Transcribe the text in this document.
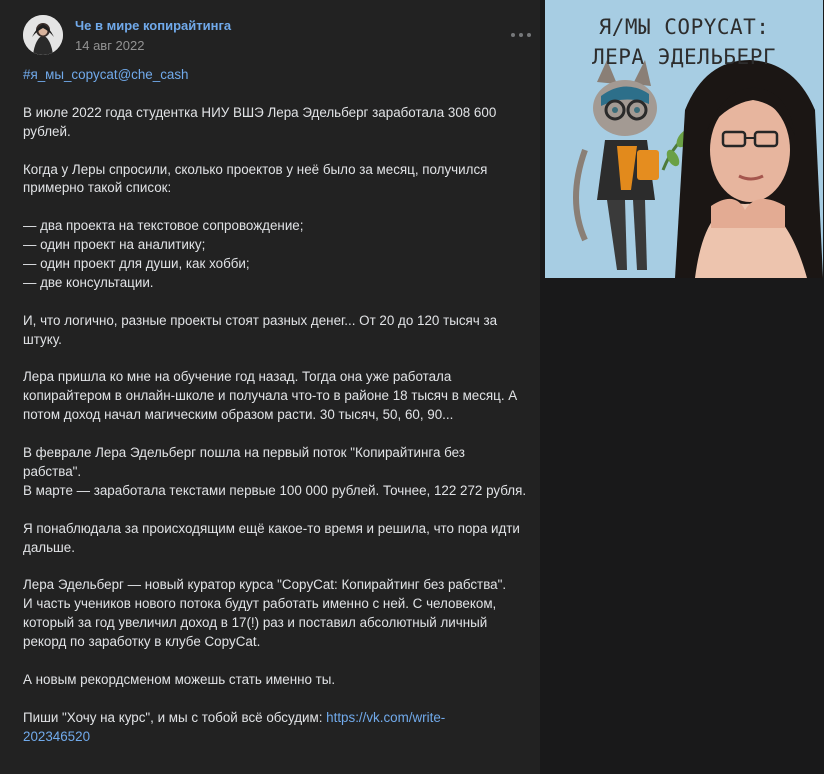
Че в мире копирайтинга
14 авг 2022

#я_мы_copycat@che_cash

В июле 2022 года студентка НИУ ВШЭ Лера Эдельберг заработала 308 600
рублей.

Когда у Леры спросили, сколько проектов у неё было за месяц, получился
примерно такой список:

— два проекта на текстовое сопровождение;
— один проект на аналитику;
— один проект для души, как хобби;
— две консультации.

И, что логично, разные проекты стоят разных денег... От 20 до 120 тысяч за
штуку.

Лера пришла ко мне на обучение год назад. Тогда она уже работала
копирайтером в онлайн-школе и получала что-то в районе 18 тысяч в месяц. А
потом доход начал магическим образом расти. 30 тысяч, 50, 60, 90...

В феврале Лера Эдельберг пошла на первый поток "Копирайтинга без
рабства".
В марте — заработала текстами первые 100 000 рублей. Точнее, 122 272 рубля.

Я понаблюдала за происходящим ещё какое-то время и решила, что пора идти
дальше.

Лера Эдельберг — новый куратор курса "CopyCat: Копирайтинг без рабства".
И часть учеников нового потока будут работать именно с ней. С человеком,
который за год увеличил доход в 17(!) раз и поставил абсолютный личный
рекорд по заработку в клубе CopyCat.

А новым рекордсменом можешь стать именно ты.

Пиши "Хочу на курс", и мы с тобой всё обсудим: https://vk.com/write-
202346520

Я/МЫ COPYCAT:
ЛЕРА ЭДЕЛЬБЕРГ
